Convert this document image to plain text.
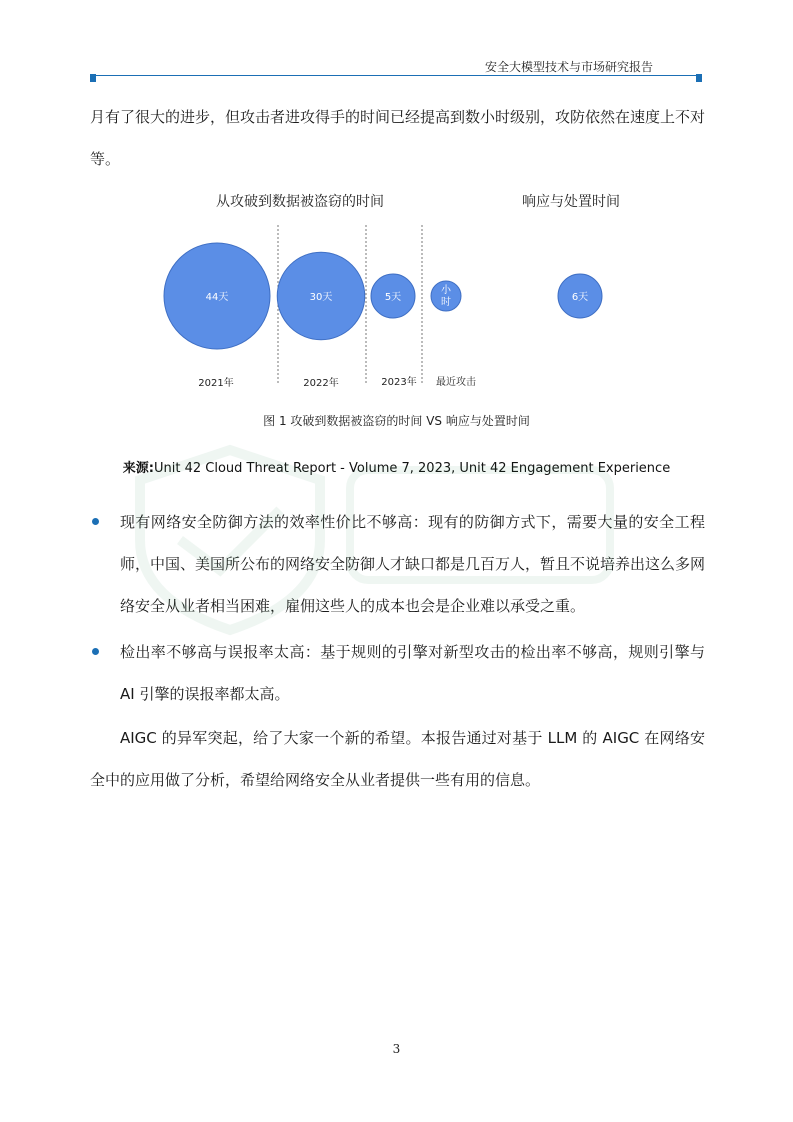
安全大模型技术与市场研究报告

月有了很大的进步，但攻击者进攻得手的时间已经提高到数小时级别，攻防依然在速度上不对等。

从攻破到数据被盗窃的时间	响应与处置时间
44天	30天	5天
小时	6天
2021年	2022年	2023年 最近攻击
图 1 攻破到数据被盗窃的时间 VS 响应与处置时间
来源:Unit 42 Cloud Threat Report - Volume 7, 2023, Unit 42 Engagement Experience

现有网络安全防御方法的效率性价比不够高：现有的防御方式下，需要大量的安全工程师，中国、美国所公布的网络安全防御人才缺口都是几百万人，暂且不说培养出这么多网络安全从业者相当困难，雇佣这些人的成本也会是企业难以承受之重。

检出率不够高与误报率太高：基于规则的引擎对新型攻击的检出率不够高，规则引擎与 AI 引擎的误报率都太高。

AIGC 的异军突起，给了大家一个新的希望。本报告通过对基于 LLM 的 AIGC 在网络安全中的应用做了分析，希望给网络安全从业者提供一些有用的信息。

3
